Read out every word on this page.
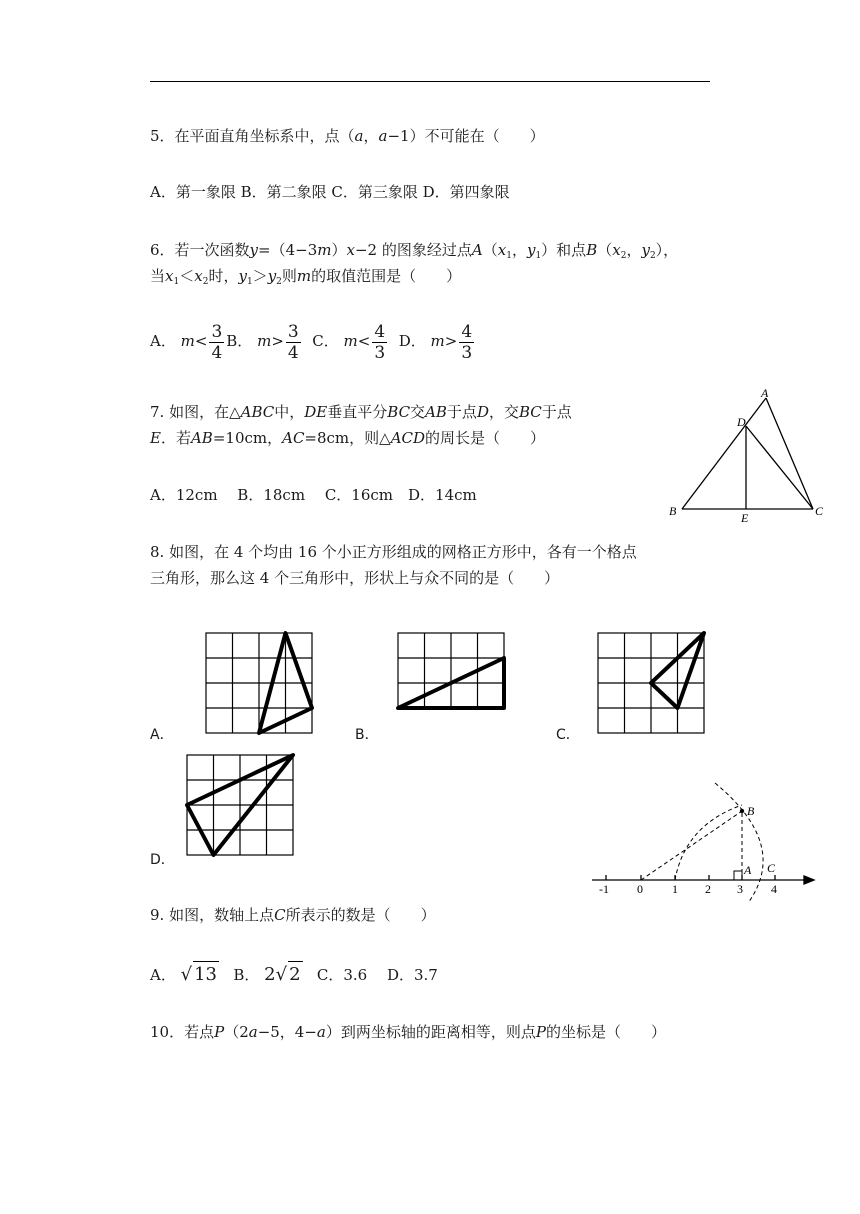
5．在平面直角坐标系中，点（a，a−1）不可能在（　　）
A．第一象限 B．第二象限 C．第三象限 D．第四象限
6．若一次函数y=（4−3m）x−2 的图象经过点$A(x_1$，$y_1$）和点$B(x_2$，$y_2$），
当$x_1<x_2$时，$y_1>y_2$则m的取值范围是（　　）
A． $m< \frac{3}{4}$ B． $m> \frac{3}{4}$ C． $m< \frac{4}{3}$ D． $m> \frac{4}{3}$
7. 如图，在△ABC中，DE垂直平分BC交AB于点D，交BC于点
E．若AB=10cm，AC=8cm，则△ACD的周长是（　　）
A．12cm　 B．18cm　 C．16cm　D．14cm
A
D
B	E	C
8. 如图，在 4 个均由 16 个小正方形组成的网格正方形中，各有一个格点
三角形，那么这 4 个三角形中，形状上与众不同的是（　　）
A．	B．	C．
D．
-1 0 1 2 3 4
B
A C
9. 如图，数轴上点C所表示的数是（　　）
A． √ 13 B． 2√ 2 C．3.6　 D．3.7
10．若点P（2a−5，4−a）到两坐标轴的距离相等，则点P的坐标是（　　）
